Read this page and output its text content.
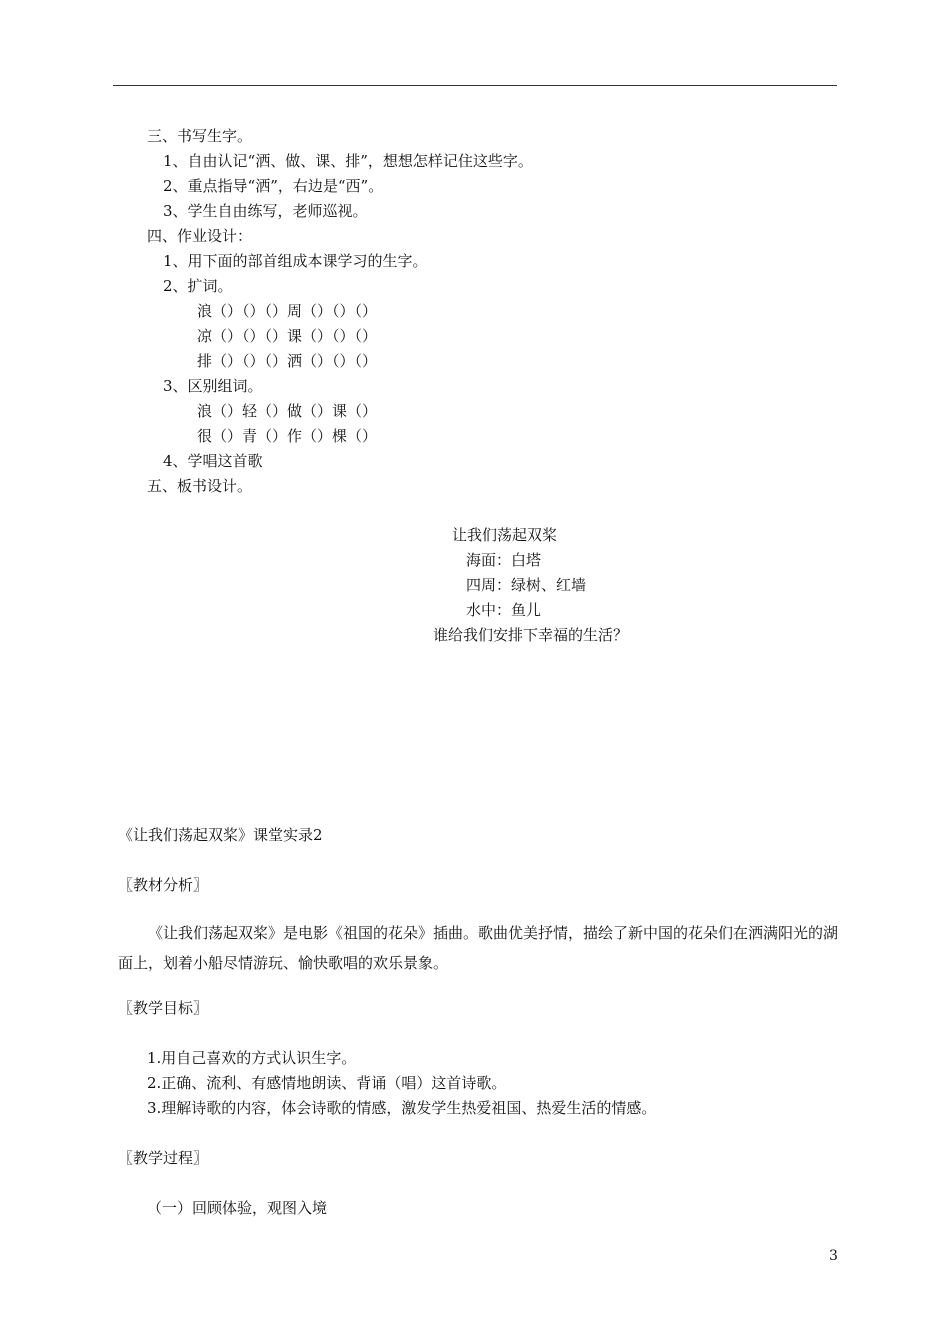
三、书写生字。
1、自由认记“洒、做、课、排”，想想怎样记住这些字。
2、重点指导“洒”，右边是“西”。
3、学生自由练写，老师巡视。
四、作业设计：
1、用下面的部首组成本课学习的生字。
2、扩词。
浪（）（）（）周（）（）（）
凉（）（）（）课（）（）（）
排（）（）（）洒（）（）（）
3、区别组词。
浪（）轻（）做（）课（）
很（）青（）作（）棵（）
4、学唱这首歌
五、板书设计。
让我们荡起双桨
海面：白塔
四周：绿树、红墙
水中：鱼儿
谁给我们安排下幸福的生活？
《让我们荡起双桨》课堂实录2
〖教材分析〗
《让我们荡起双桨》是电影《祖国的花朵》插曲。歌曲优美抒情，描绘了新中国的花朵们在洒满阳光的湖面上，划着小船尽情游玩、愉快歌唱的欢乐景象。
〖教学目标〗
1.用自己喜欢的方式认识生字。
2.正确、流利、有感情地朗读、背诵（唱）这首诗歌。
3.理解诗歌的内容，体会诗歌的情感，激发学生热爱祖国、热爱生活的情感。
〖教学过程〗
（一）回顾体验，观图入境
3
